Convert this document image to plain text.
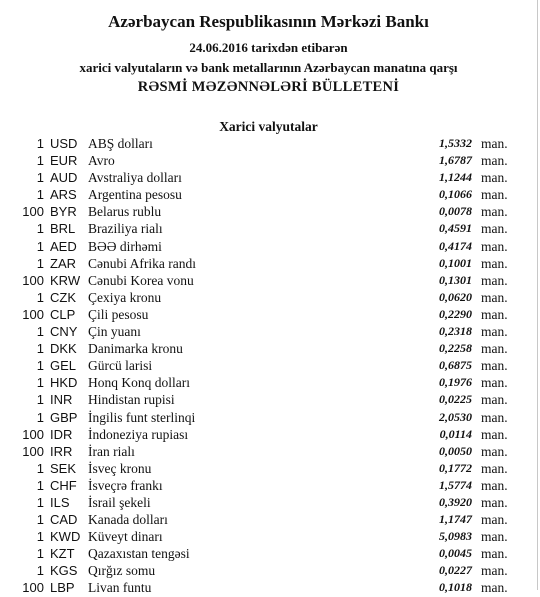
Azərbaycan Respublikasının Mərkəzi Bankı
24.06.2016 tarixdən etibarən
xarici valyutaların və bank metallarının Azərbaycan manatına qarşı
RƏSMİ MƏZƏNNƏLƏRİ BÜLLETENİ
Xarici valyutalar
1 USD ABŞ dolları	1,5332 man.
1 EUR Avro	1,6787 man.
1 AUD Avstraliya dolları	1,1244 man.
1 ARS Argentina pesosu	0,1066 man.
100 BYR Belarus rublu	0,0078 man.
1 BRL Braziliya rialı	0,4591 man.
1 AED BƏƏ dirhəmi	0,4174 man.
1 ZAR Cənubi Afrika randı	0,1001 man.
100 KRW Cənubi Korea vonu	0,1301 man.
1 CZK Çexiya kronu	0,0620 man.
100 CLP Çili pesosu	0,2290 man.
1 CNY Çin yuanı	0,2318 man.
1 DKK Danimarka kronu	0,2258 man.
1 GEL Gürcü larisi	0,6875 man.
1 HKD Honq Konq dolları	0,1976 man.
1 INR Hindistan rupisi	0,0225 man.
1 GBP İngilis funt sterlinqi	2,0530 man.
100 IDR İndoneziya rupiası	0,0114 man.
100 IRR İran rialı	0,0050 man.
1 SEK İsveç kronu	0,1772 man.
1 CHF İsveçrə frankı	1,5774 man.
1 ILS İsrail şekeli	0,3920 man.
1 CAD Kanada dolları	1,1747 man.
1 KWD Küveyt dinarı	5,0983 man.
1 KZT Qazaxıstan tengəsi	0,0045 man.
1 KGS Qırğız somu	0,0227 man.
100 LBP Livan funtu	0,1018 man.
